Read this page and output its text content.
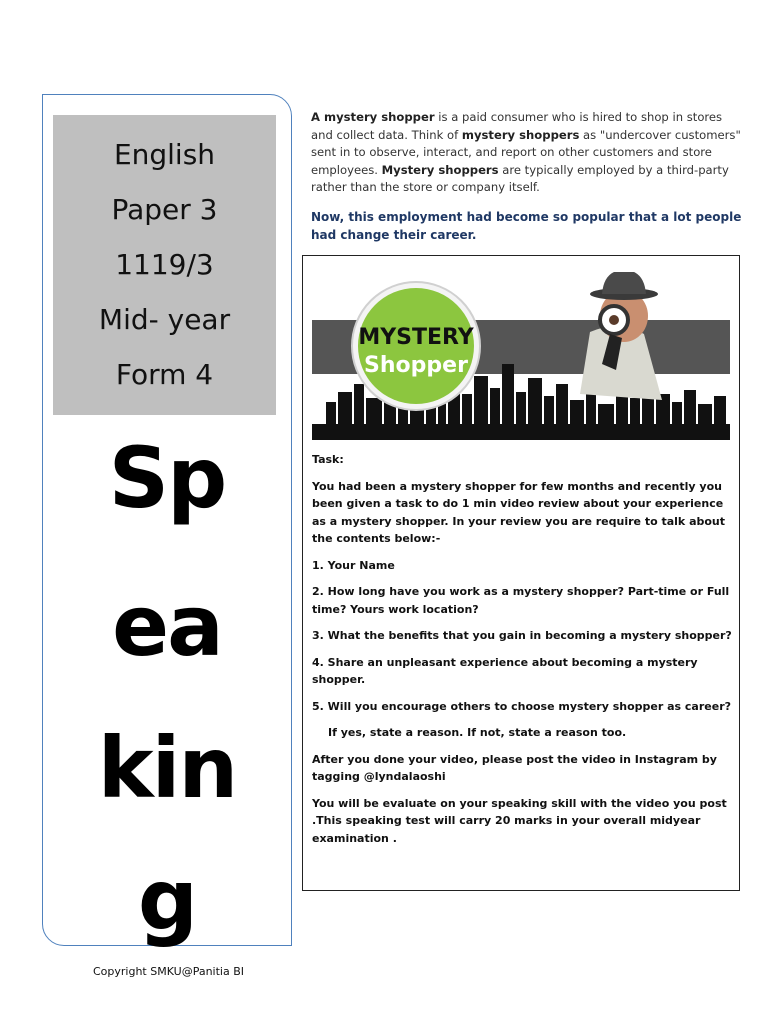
English
Paper 3
1119/3
Mid- year
Form 4
Sp
ea
kin
g
Copyright SMKU@Panitia BI
A mystery shopper is a paid consumer who is hired to shop in stores and collect data. Think of mystery shoppers as "undercover customers" sent in to observe, interact, and report on other customers and store employees. Mystery shoppers are typically employed by a third-party rather than the store or company itself.
Now, this employment had become so popular that a lot people had change their career.
MYSTERY
Shopper

Task:

You had been a mystery shopper for few months and recently you been given a task to do 1 min video review about your experience as a mystery shopper. In your review you are require to talk about the contents below:-

1. Your Name

2. How long have you work as a mystery shopper? Part-time or Full time? Yours work location?

3. What the benefits that you gain in becoming a mystery shopper?

4. Share an unpleasant experience about becoming a mystery shopper.

5. Will you encourage others to choose mystery shopper as career?

If yes, state a reason. If not, state a reason too.

After you done your video, please post the video in Instagram by tagging @lyndalaoshi

You will be evaluate on your speaking skill with the video you post .This speaking test will carry 20 marks in your overall midyear examination .
